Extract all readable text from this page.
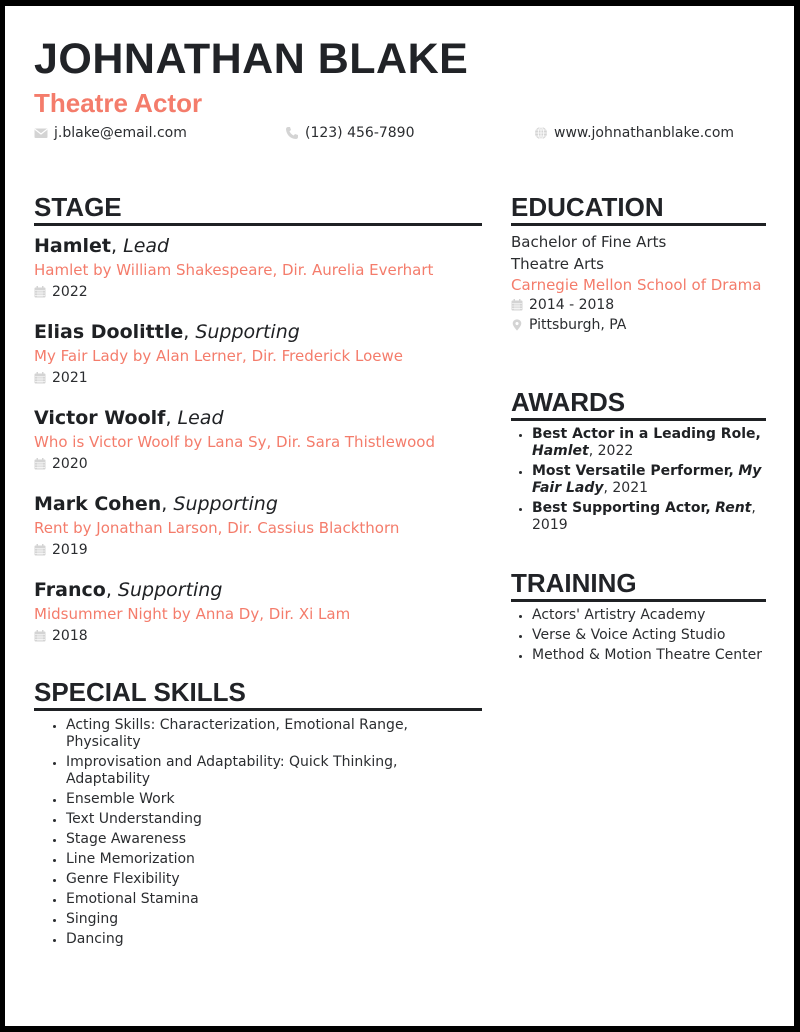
JOHNATHAN BLAKE
Theatre Actor
j.blake@email.com	(123) 456-7890	www.johnathanblake.com
STAGE
Hamlet, Lead
Hamlet by William Shakespeare, Dir. Aurelia Everhart
2022
Elias Doolittle, Supporting
My Fair Lady by Alan Lerner, Dir. Frederick Loewe
2021
Victor Woolf, Lead
Who is Victor Woolf by Lana Sy, Dir. Sara Thistlewood
2020
Mark Cohen, Supporting
Rent by Jonathan Larson, Dir. Cassius Blackthorn
2019
Franco, Supporting
Midsummer Night by Anna Dy, Dir. Xi Lam
2018
SPECIAL SKILLS
• Acting Skills: Characterization, Emotional Range, Physicality
• Improvisation and Adaptability: Quick Thinking, Adaptability
• Ensemble Work
• Text Understanding
• Stage Awareness
• Line Memorization
• Genre Flexibility
• Emotional Stamina
• Singing
• Dancing
EDUCATION
Bachelor of Fine Arts
Theatre Arts
Carnegie Mellon School of Drama
2014 - 2018
Pittsburgh, PA
AWARDS
• Best Actor in a Leading Role, Hamlet, 2022
• Most Versatile Performer, My Fair Lady, 2021
• Best Supporting Actor, Rent, 2019
TRAINING
• Actors' Artistry Academy
• Verse & Voice Acting Studio
• Method & Motion Theatre Center
